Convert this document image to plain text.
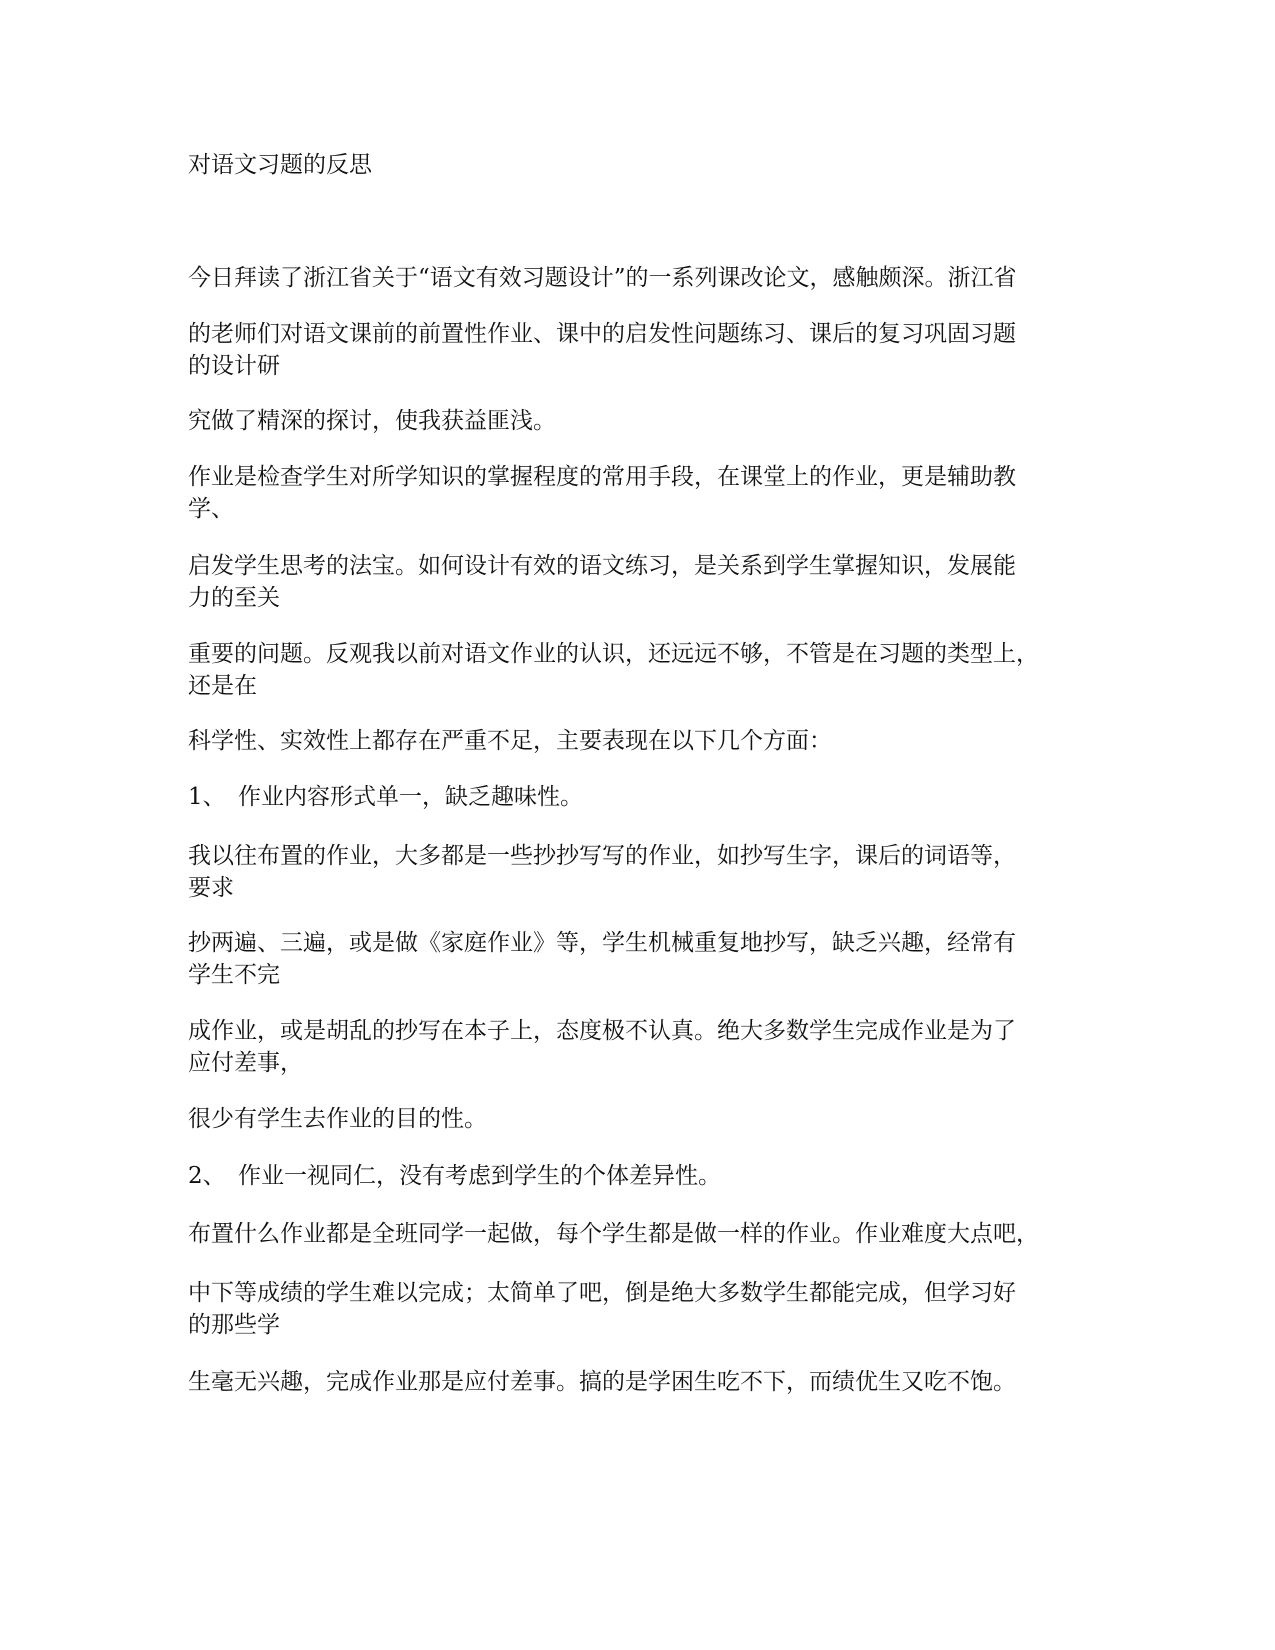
对语文习题的反思
今日拜读了浙江省关于“语文有效习题设计”的一系列课改论文，感触颇深。浙江省
的老师们对语文课前的前置性作业、课中的启发性问题练习、课后的复习巩固习题
的设计研
究做了精深的探讨，使我获益匪浅。
作业是检查学生对所学知识的掌握程度的常用手段，在课堂上的作业，更是辅助教
学、
启发学生思考的法宝。如何设计有效的语文练习，是关系到学生掌握知识，发展能
力的至关
重要的问题。反观我以前对语文作业的认识，还远远不够，不管是在习题的类型上，
还是在
科学性、实效性上都存在严重不足，主要表现在以下几个方面：
1、 作业内容形式单一，缺乏趣味性。
我以往布置的作业，大多都是一些抄抄写写的作业，如抄写生字，课后的词语等，
要求
抄两遍、三遍，或是做《家庭作业》等，学生机械重复地抄写，缺乏兴趣，经常有
学生不完
成作业，或是胡乱的抄写在本子上，态度极不认真。绝大多数学生完成作业是为了
应付差事，
很少有学生去作业的目的性。
2、 作业一视同仁，没有考虑到学生的个体差异性。
布置什么作业都是全班同学一起做，每个学生都是做一样的作业。作业难度大点吧，
中下等成绩的学生难以完成；太简单了吧，倒是绝大多数学生都能完成，但学习好
的那些学
生毫无兴趣，完成作业那是应付差事。搞的是学困生吃不下，而绩优生又吃不饱。
